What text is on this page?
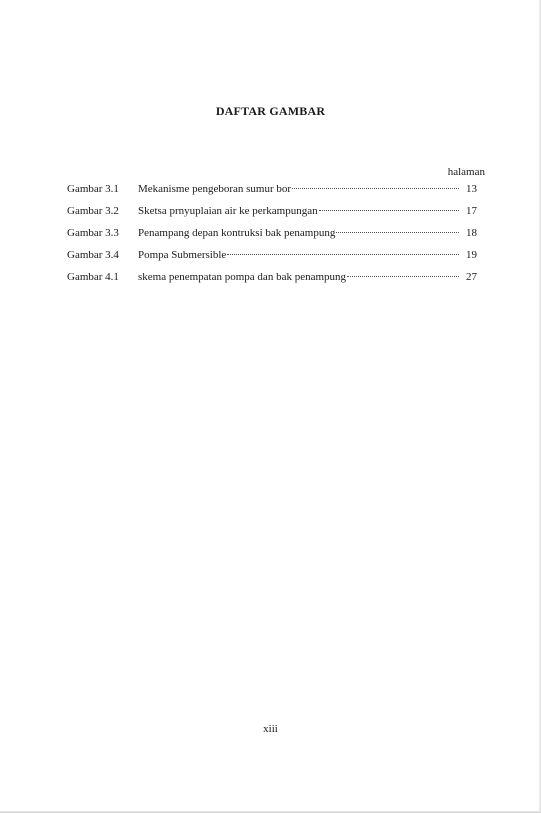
DAFTAR GAMBAR
halaman
Gambar 3.1	Mekanisme pengeboran sumur bor	13
Gambar 3.2	Sketsa prnyuplaian air ke perkampungan	17
Gambar 3.3	Penampang depan kontruksi bak penampung	18
Gambar 3.4	Pompa Submersible	19
Gambar 4.1	skema penempatan pompa dan bak penampung	27
xiii
